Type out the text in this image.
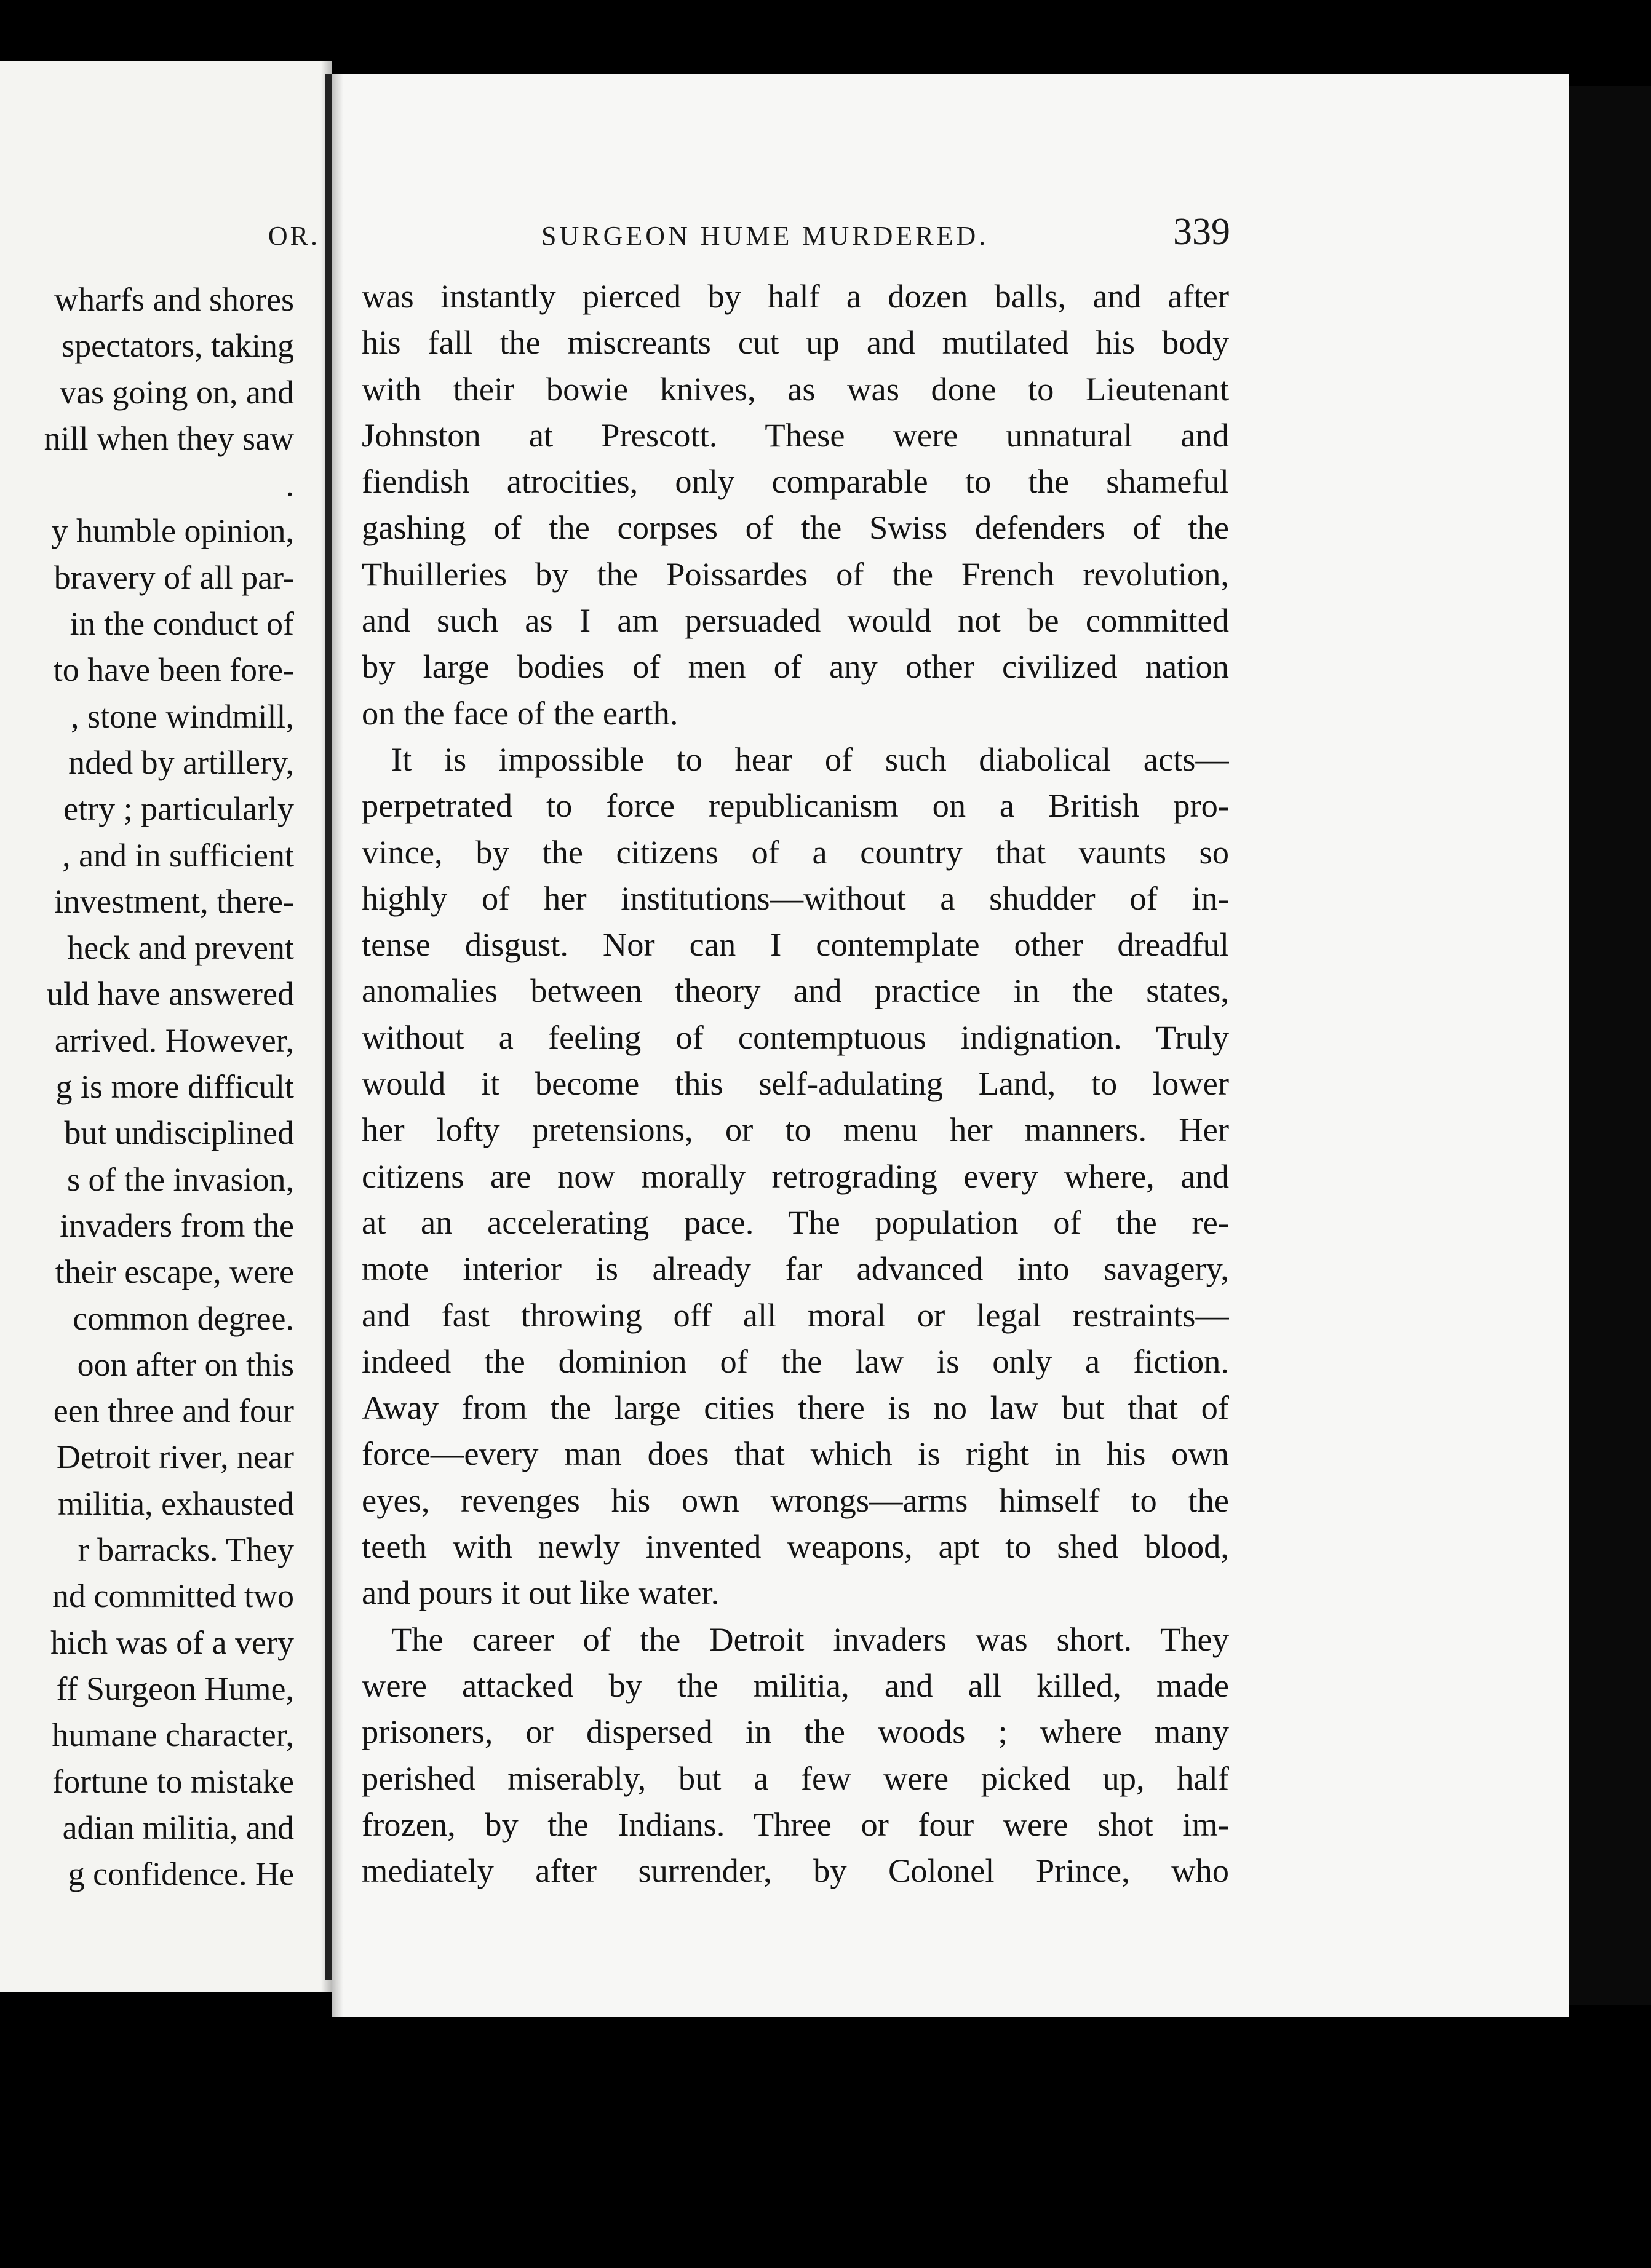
OR.
wharfs and shores
spectators, taking
vas going on, and
nill when they saw
.
y humble opinion,
bravery of all par-
in the conduct of
to have been fore-
, stone windmill,
nded by artillery,
etry ; particularly
, and in sufficient
investment, there-
heck and prevent
uld have answered
arrived. However,
g is more difficult
but undisciplined
s of the invasion,
invaders from the
their escape, were
common degree.
oon after on this
een three and four
Detroit river, near
militia, exhausted
r barracks. They
nd committed two
hich was of a very
ff Surgeon Hume,
humane character,
fortune to mistake
adian militia, and
g confidence. He
SURGEON HUME MURDERED.	339
was instantly pierced by half a dozen balls, and after
his fall the miscreants cut up and mutilated his body
with their bowie knives, as was done to Lieutenant
Johnston at Prescott. These were unnatural and
fiendish atrocities, only comparable to the shameful
gashing of the corpses of the Swiss defenders of the
Thuilleries by the Poissardes of the French revolution,
and such as I am persuaded would not be committed
by large bodies of men of any other civilized nation
on the face of the earth.
It is impossible to hear of such diabolical acts—
perpetrated to force republicanism on a British pro-
vince, by the citizens of a country that vaunts so
highly of her institutions—without a shudder of in-
tense disgust. Nor can I contemplate other dreadful
anomalies between theory and practice in the states,
without a feeling of contemptuous indignation. Truly
would it become this self-adulating Land, to lower
her lofty pretensions, or to menu her manners. Her
citizens are now morally retrograding every where, and
at an accelerating pace. The population of the re-
mote interior is already far advanced into savagery,
and fast throwing off all moral or legal restraints—
indeed the dominion of the law is only a fiction.
Away from the large cities there is no law but that of
force—every man does that which is right in his own
eyes, revenges his own wrongs—arms himself to the
teeth with newly invented weapons, apt to shed blood,
and pours it out like water.
The career of the Detroit invaders was short. They
were attacked by the militia, and all killed, made
prisoners, or dispersed in the woods ; where many
perished miserably, but a few were picked up, half
frozen, by the Indians. Three or four were shot im-
mediately after surrender, by Colonel Prince, who
